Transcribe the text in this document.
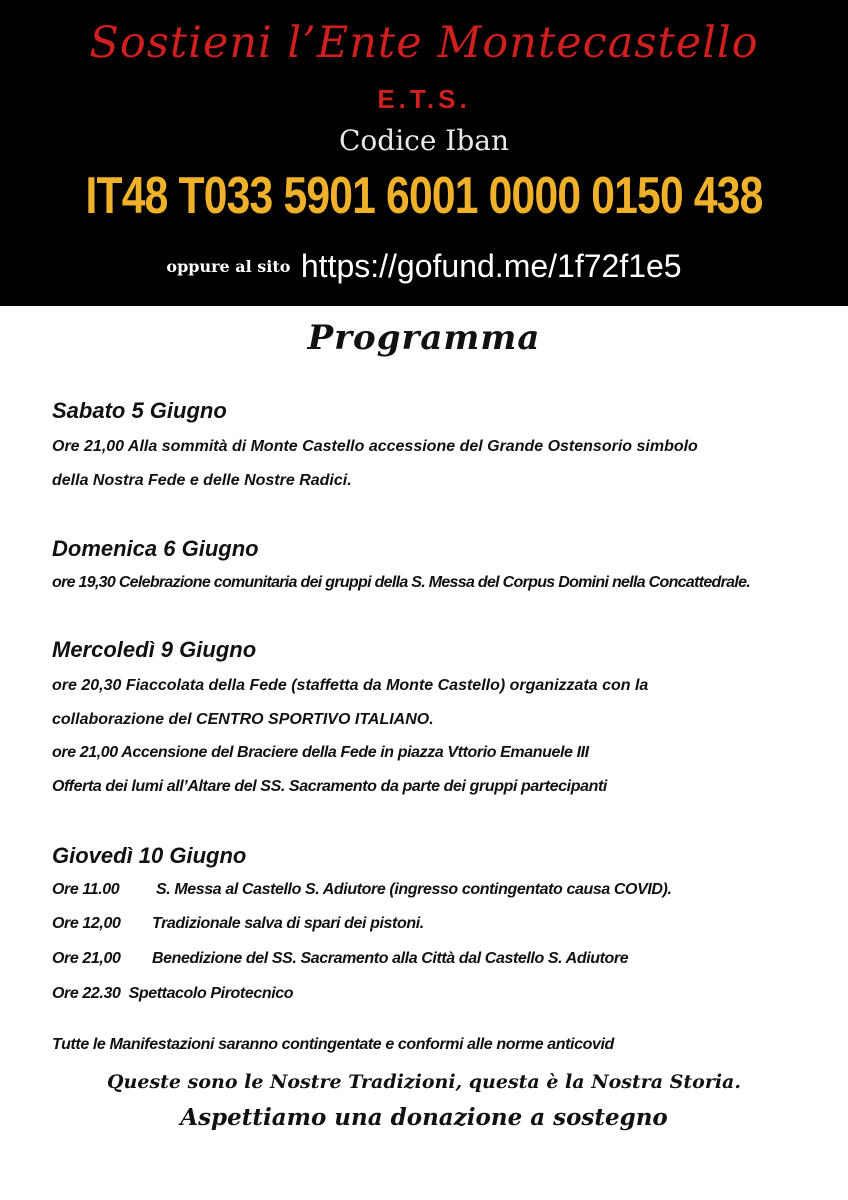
Sostieni l’Ente Montecastello
E.T.S.
Codice Iban
IT48 T033 5901 6001 0000 0150 438
oppure al sito https://gofund.me/1f72f1e5
Programma
Sabato 5 Giugno
Ore 21,00 Alla sommità di Monte Castello accessione del Grande Ostensorio simbolo
della Nostra Fede e delle Nostre Radici.
Domenica 6 Giugno
ore 19,30 Celebrazione comunitaria dei gruppi della S. Messa del Corpus Domini nella Concattedrale.
Mercoledì 9 Giugno
ore 20,30 Fiaccolata della Fede (staffetta da Monte Castello) organizzata con la
collaborazione del CENTRO SPORTIVO ITALIANO.
ore 21,00 Accensione del Braciere della Fede in piazza Vttorio Emanuele III
Offerta dei lumi all’Altare del SS. Sacramento da parte dei gruppi partecipanti
Giovedì 10 Giugno
Ore 11.00 S. Messa al Castello S. Adiutore (ingresso contingentato causa COVID).
Ore 12,00 Tradizionale salva di spari dei pistoni.
Ore 21,00 Benedizione del SS. Sacramento alla Città dal Castello S. Adiutore
Ore 22.30 Spettacolo Pirotecnico
Tutte le Manifestazioni saranno contingentate e conformi alle norme anticovid
Queste sono le Nostre Tradizioni, questa è la Nostra Storia.
Aspettiamo una donazione a sostegno
